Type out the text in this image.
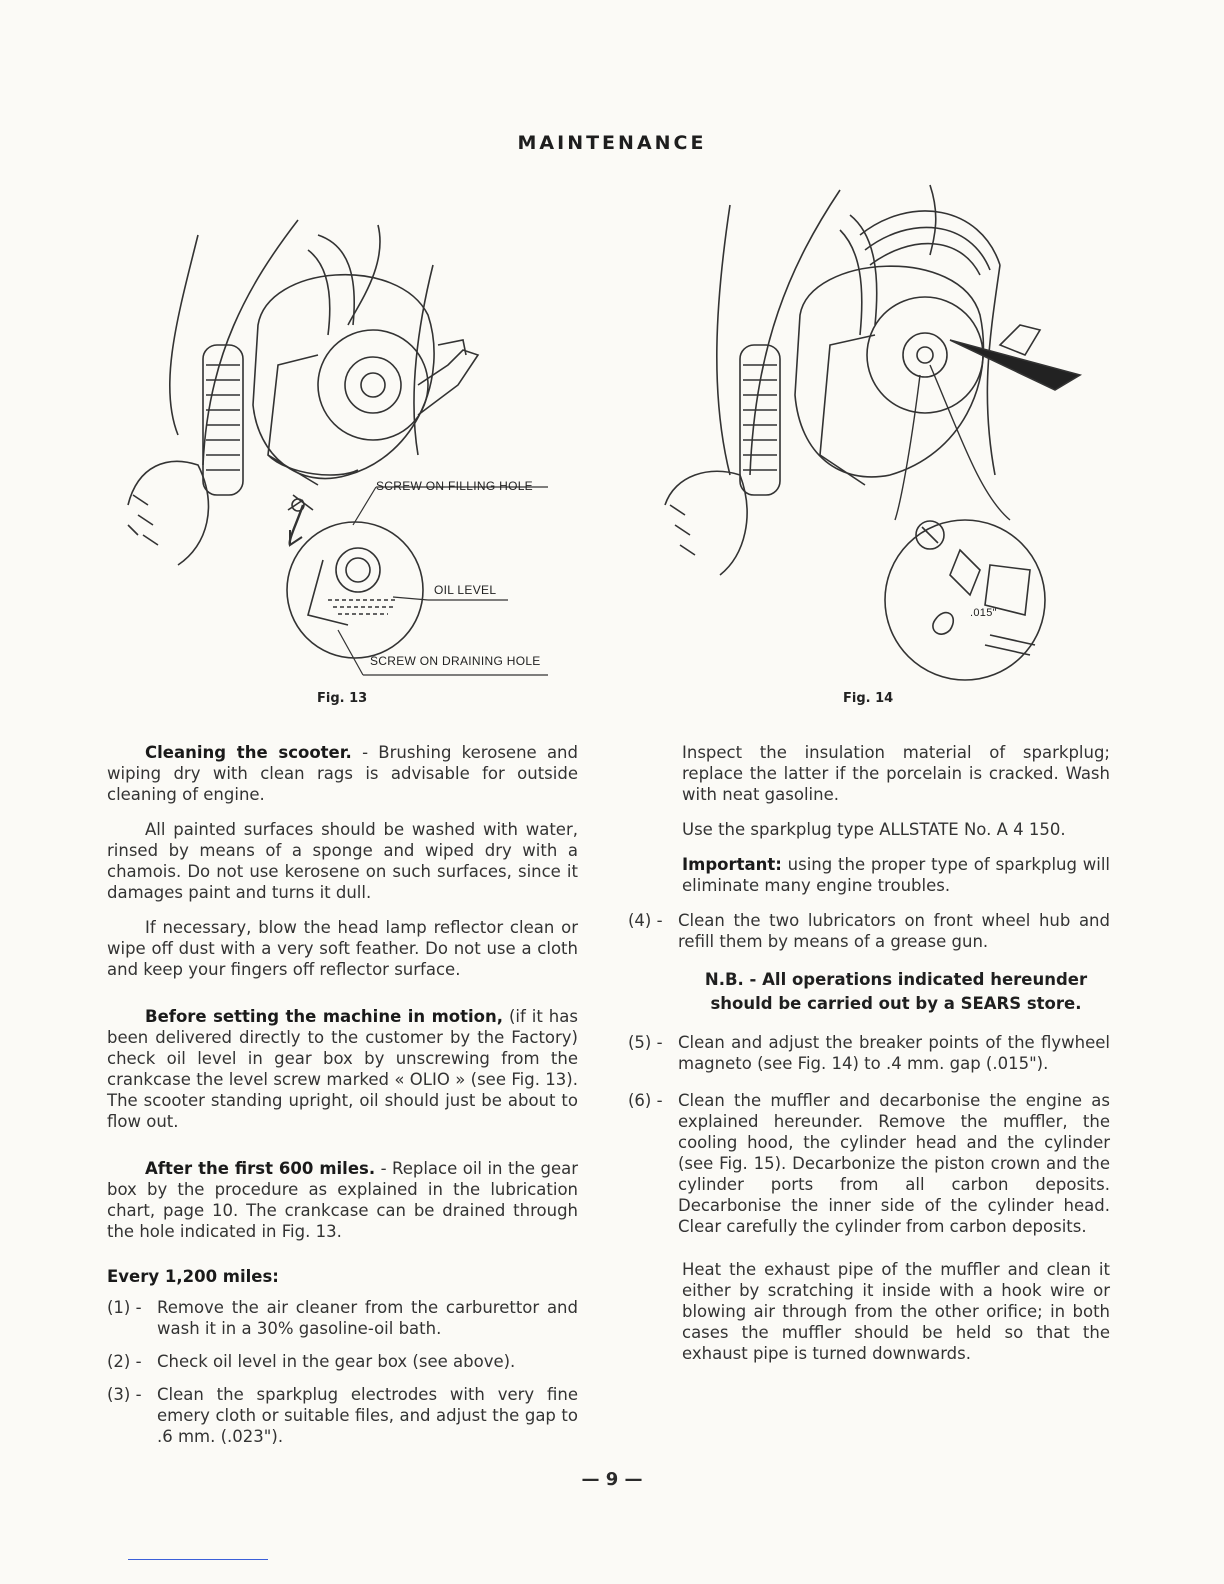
MAINTENANCE
SCREW ON FILLING HOLE
OIL LEVEL
SCREW ON DRAINING HOLE
Fig. 13
.015"
Fig. 14

Cleaning the scooter. - Brushing kerosene and wiping dry with clean rags is advisable for outside cleaning of engine.

All painted surfaces should be washed with water, rinsed by means of a sponge and wiped dry with a chamois. Do not use kerosene on such surfaces, since it damages paint and turns it dull.

If necessary, blow the head lamp reflector clean or wipe off dust with a very soft feather. Do not use a cloth and keep your fingers off reflector surface.

Before setting the machine in motion, (if it has been delivered directly to the customer by the Factory) check oil level in gear box by unscrewing from the crankcase the level screw marked « OLIO » (see Fig. 13). The scooter standing upright, oil should just be about to flow out.

After the first 600 miles. - Replace oil in the gear box by the procedure as explained in the lubrication chart, page 10. The crankcase can be drained through the hole indicated in Fig. 13.

Every 1,200 miles:

(1) - Remove the air cleaner from the carburettor and wash it in a 30% gasoline-oil bath.
(2) - Check oil level in the gear box (see above).
(3) - Clean the sparkplug electrodes with very fine emery cloth or suitable files, and adjust the gap to .6 mm. (.023").

Inspect the insulation material of sparkplug; replace the latter if the porcelain is cracked. Wash with neat gasoline.

Use the sparkplug type ALLSTATE No. A 4 150.

Important: using the proper type of sparkplug will eliminate many engine troubles.

(4) - Clean the two lubricators on front wheel hub and refill them by means of a grease gun.

N.B. - All operations indicated hereunder should be carried out by a SEARS store.

(5) - Clean and adjust the breaker points of the flywheel magneto (see Fig. 14) to .4 mm. gap (.015").
(6) - Clean the muffler and decarbonise the engine as explained hereunder. Remove the muffler, the cooling hood, the cylinder head and the cylinder (see Fig. 15). Decarbonize the piston crown and the cylinder ports from all carbon deposits. Decarbonise the inner side of the cylinder head. Clear carefully the cylinder from carbon deposits.

Heat the exhaust pipe of the muffler and clean it either by scratching it inside with a hook wire or blowing air through from the other orifice; in both cases the muffler should be held so that the exhaust pipe is turned downwards.

— 9 —
